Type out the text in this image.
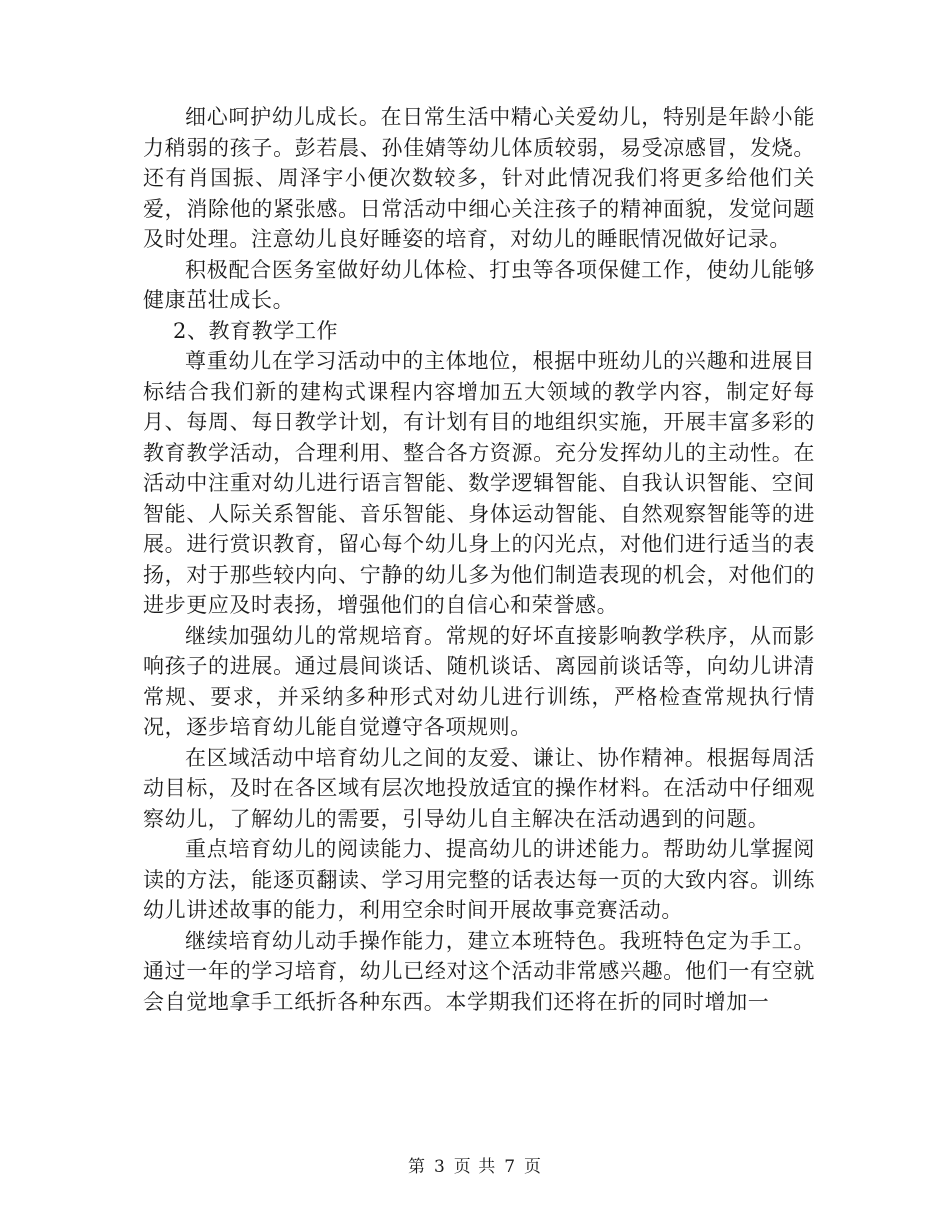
细心呵护幼儿成长。在日常生活中精心关爱幼儿，特别是年龄小能力稍弱的孩子。彭若晨、孙佳婧等幼儿体质较弱，易受凉感冒，发烧。还有肖国振、周泽宇小便次数较多，针对此情况我们将更多给他们关爱，消除他的紧张感。日常活动中细心关注孩子的精神面貌，发觉问题及时处理。注意幼儿良好睡姿的培育，对幼儿的睡眠情况做好记录。

积极配合医务室做好幼儿体检、打虫等各项保健工作，使幼儿能够健康茁壮成长。

2、教育教学工作

尊重幼儿在学习活动中的主体地位，根据中班幼儿的兴趣和进展目标结合我们新的建构式课程内容增加五大领域的教学内容，制定好每月、每周、每日教学计划，有计划有目的地组织实施，开展丰富多彩的教育教学活动，合理利用、整合各方资源。充分发挥幼儿的主动性。在活动中注重对幼儿进行语言智能、数学逻辑智能、自我认识智能、空间智能、人际关系智能、音乐智能、身体运动智能、自然观察智能等的进展。进行赏识教育，留心每个幼儿身上的闪光点，对他们进行适当的表扬，对于那些较内向、宁静的幼儿多为他们制造表现的机会，对他们的进步更应及时表扬，增强他们的自信心和荣誉感。

继续加强幼儿的常规培育。常规的好坏直接影响教学秩序，从而影响孩子的进展。通过晨间谈话、随机谈话、离园前谈话等，向幼儿讲清常规、要求，并采纳多种形式对幼儿进行训练，严格检查常规执行情况，逐步培育幼儿能自觉遵守各项规则。

在区域活动中培育幼儿之间的友爱、谦让、协作精神。根据每周活动目标，及时在各区域有层次地投放适宜的操作材料。在活动中仔细观察幼儿，了解幼儿的需要，引导幼儿自主解决在活动遇到的问题。

重点培育幼儿的阅读能力、提高幼儿的讲述能力。帮助幼儿掌握阅读的方法，能逐页翻读、学习用完整的话表达每一页的大致内容。训练幼儿讲述故事的能力，利用空余时间开展故事竞赛活动。

继续培育幼儿动手操作能力，建立本班特色。我班特色定为手工。通过一年的学习培育，幼儿已经对这个活动非常感兴趣。他们一有空就会自觉地拿手工纸折各种东西。本学期我们还将在折的同时增加一

第 3 页 共 7 页
